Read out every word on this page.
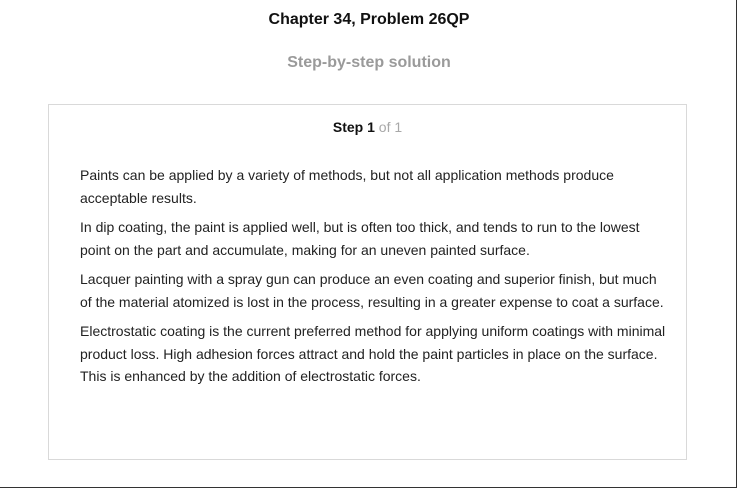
Chapter 34, Problem 26QP
Step-by-step solution
Step 1 of 1

Paints can be applied by a variety of methods, but not all application methods produce acceptable results.

In dip coating, the paint is applied well, but is often too thick, and tends to run to the lowest point on the part and accumulate, making for an uneven painted surface.

Lacquer painting with a spray gun can produce an even coating and superior finish, but much of the material atomized is lost in the process, resulting in a greater expense to coat a surface.

Electrostatic coating is the current preferred method for applying uniform coatings with minimal product loss. High adhesion forces attract and hold the paint particles in place on the surface. This is enhanced by the addition of electrostatic forces.
